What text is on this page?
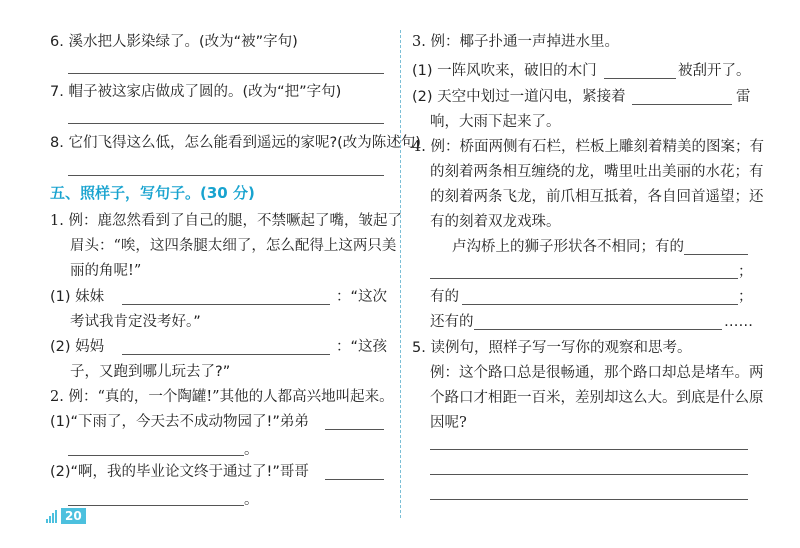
6. 溪水把人影染绿了。(改为“被”字句)
7. 帽子被这家店做成了圆的。(改为“把”字句)
8. 它们飞得这么低，怎么能看到遥远的家呢?(改为陈述句)
五、照样子，写句子。(30 分)
1. 例：鹿忽然看到了自己的腿，不禁噘起了嘴，皱起了
眉头：“唉，这四条腿太细了，怎么配得上这两只美
丽的角呢!”
(1) 妹妹	：“这次
考试我肯定没考好。”
(2) 妈妈	：“这孩
子，又跑到哪儿玩去了?”
2. 例：“真的，一个陶罐!”其他的人都高兴地叫起来。
(1)“下雨了，今天去不成动物园了!”弟弟
。
(2)“啊，我的毕业论文终于通过了!”哥哥
。
3. 例：椰子扑通一声掉进水里。
(1) 一阵风吹来，破旧的木门	被刮开了。
(2) 天空中划过一道闪电，紧接着	雷
响，大雨下起来了。
4. 例：桥面两侧有石栏，栏板上雕刻着精美的图案；有
的刻着两条相互缠绕的龙，嘴里吐出美丽的水花；有
的刻着两条飞龙，前爪相互抵着，各自回首遥望；还
有的刻着双龙戏珠。
卢沟桥上的狮子形状各不相同；有的
；
有的	；
还有的	……
5. 读例句，照样子写一写你的观察和思考。
例：这个路口总是很畅通，那个路口却总是堵车。两
个路口才相距一百米，差别却这么大。到底是什么原
因呢?
20
